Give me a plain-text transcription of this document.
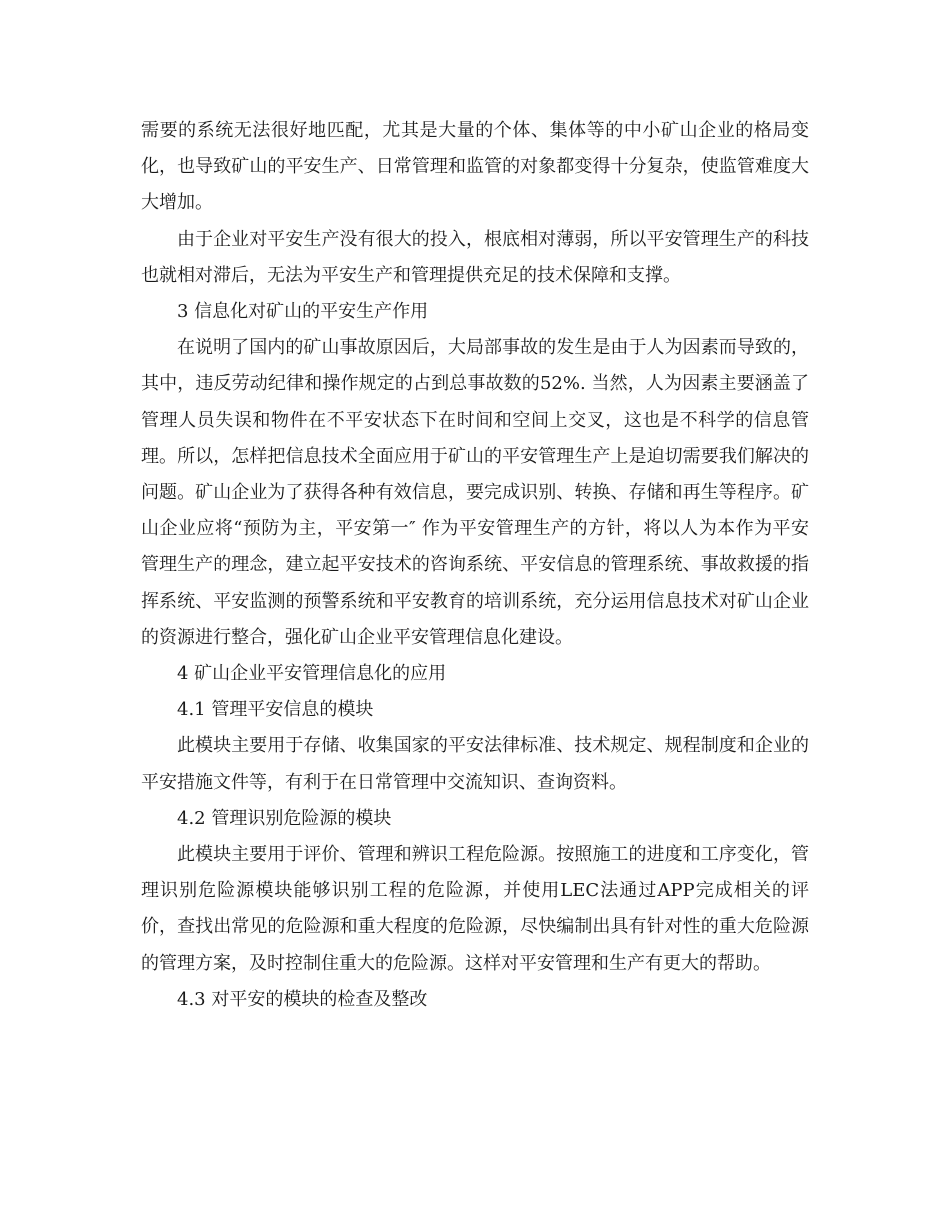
需要的系统无法很好地匹配，尤其是大量的个体、集体等的中小矿山企业的格局变化，也导致矿山的平安生产、日常管理和监管的对象都变得十分复杂，使监管难度大大增加。

由于企业对平安生产没有很大的投入，根底相对薄弱，所以平安管理生产的科技也就相对滞后，无法为平安生产和管理提供充足的技术保障和支撑。

3 信息化对矿山的平安生产作用

在说明了国内的矿山事故原因后，大局部事故的发生是由于人为因素而导致的，其中，违反劳动纪律和操作规定的占到总事故数的52%. 当然，人为因素主要涵盖了管理人员失误和物件在不平安状态下在时间和空间上交叉，这也是不科学的信息管理。所以，怎样把信息技术全面应用于矿山的平安管理生产上是迫切需要我们解决的问题。矿山企业为了获得各种有效信息，要完成识别、转换、存储和再生等程序。矿山企业应将“预防为主，平安第一″ 作为平安管理生产的方针，将以人为本作为平安管理生产的理念，建立起平安技术的咨询系统、平安信息的管理系统、事故救援的指挥系统、平安监测的预警系统和平安教育的培训系统，充分运用信息技术对矿山企业的资源进行整合，强化矿山企业平安管理信息化建设。

4 矿山企业平安管理信息化的应用

4.1 管理平安信息的模块

此模块主要用于存储、收集国家的平安法律标准、技术规定、规程制度和企业的平安措施文件等，有利于在日常管理中交流知识、查询资料。

4.2 管理识别危险源的模块

此模块主要用于评价、管理和辨识工程危险源。按照施工的进度和工序变化，管理识别危险源模块能够识别工程的危险源，并使用LEC法通过APP完成相关的评价，查找出常见的危险源和重大程度的危险源，尽快编制出具有针对性的重大危险源的管理方案，及时控制住重大的危险源。这样对平安管理和生产有更大的帮助。

4.3 对平安的模块的检查及整改
